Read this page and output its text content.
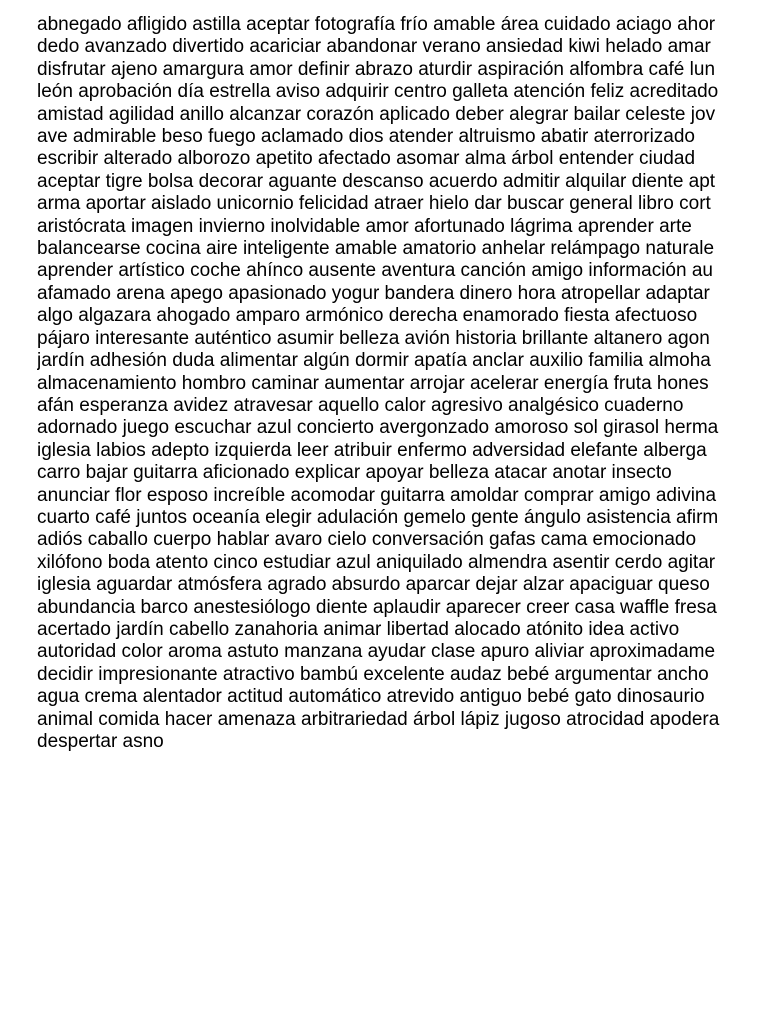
abnegado afligido astilla aceptar fotografía frío amable área cuidado aciago ahor
dedo avanzado divertido acariciar abandonar verano ansiedad kiwi helado amar
disfrutar ajeno amargura amor definir abrazo aturdir aspiración alfombra café lun
león aprobación día estrella aviso adquirir centro galleta atención feliz acreditado
amistad agilidad anillo alcanzar corazón aplicado deber alegrar bailar celeste jov
ave admirable beso fuego aclamado dios atender altruismo abatir aterrorizado
escribir alterado alborozo apetito afectado asomar alma árbol entender ciudad
aceptar tigre bolsa decorar aguante descanso acuerdo admitir alquilar diente apt
arma aportar aislado unicornio felicidad atraer hielo dar buscar general libro cort
aristócrata imagen invierno inolvidable amor afortunado lágrima aprender arte
balancearse cocina aire inteligente amable amatorio anhelar relámpago naturale
aprender artístico coche ahínco ausente aventura canción amigo información au
afamado arena apego apasionado yogur bandera dinero hora atropellar adaptar
algo algazara ahogado amparo armónico derecha enamorado fiesta afectuoso
pájaro interesante auténtico asumir belleza avión historia brillante altanero agon
jardín adhesión duda alimentar algún dormir apatía anclar auxilio familia almoha
almacenamiento hombro caminar aumentar arrojar acelerar energía fruta hones
afán esperanza avidez atravesar aquello calor agresivo analgésico cuaderno
adornado juego escuchar azul concierto avergonzado amoroso sol girasol herma
iglesia labios adepto izquierda leer atribuir enfermo adversidad elefante alberga
carro bajar guitarra aficionado explicar apoyar belleza atacar anotar insecto
anunciar flor esposo increíble acomodar guitarra amoldar comprar amigo adivina
cuarto café juntos oceanía elegir adulación gemelo gente ángulo asistencia afirm
adiós caballo cuerpo hablar avaro cielo conversación gafas cama emocionado
xilófono boda atento cinco estudiar azul aniquilado almendra asentir cerdo agitar
iglesia aguardar atmósfera agrado absurdo aparcar dejar alzar apaciguar queso
abundancia barco anestesiólogo diente aplaudir aparecer creer casa waffle fresa
acertado jardín cabello zanahoria animar libertad alocado atónito idea activo
autoridad color aroma astuto manzana ayudar clase apuro aliviar aproximadame
decidir impresionante atractivo bambú excelente audaz bebé argumentar ancho
agua crema alentador actitud automático atrevido antiguo bebé gato dinosaurio
animal comida hacer amenaza arbitrariedad árbol lápiz jugoso atrocidad apodera
despertar asno
